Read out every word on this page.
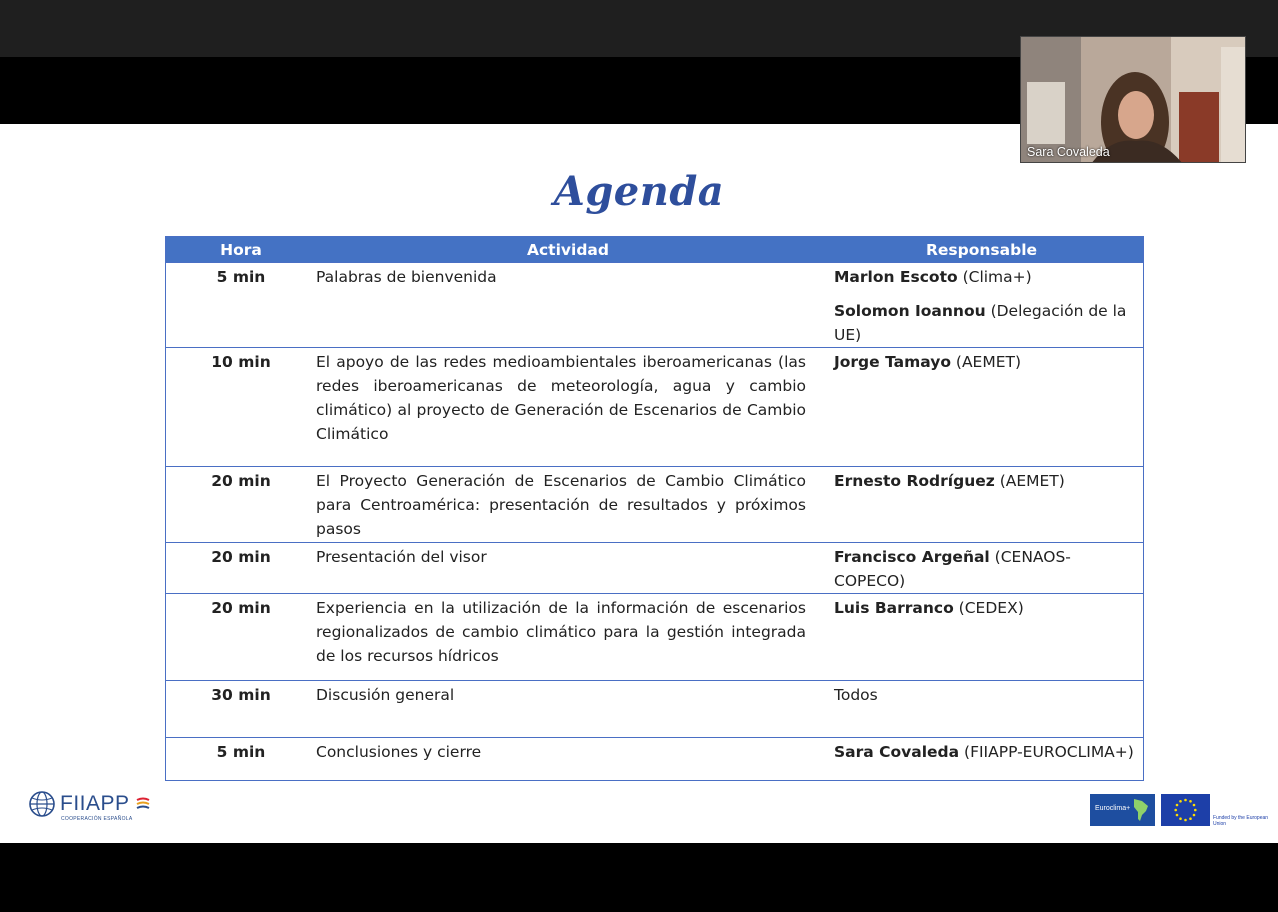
Agenda
Hora	Actividad	Responsable
5 min	Palabras de bienvenida	Marlon Escoto (Clima+)
Solomon Ioannou (Delegación de la UE)

10 min	El apoyo de las redes medioambientales iberoamericanas (las redes iberoamericanas de meteorología, agua y cambio climático) al proyecto de Generación de Escenarios de Cambio Climático	Jorge Tamayo (AEMET)

20 min	El Proyecto Generación de Escenarios de Cambio Climático para Centroamérica: presentación de resultados y próximos pasos	Ernesto Rodríguez (AEMET)

20 min	Presentación del visor	Francisco Argeñal (CENAOS-COPECO)

20 min	Experiencia en la utilización de la información de escenarios regionalizados de cambio climático para la gestión integrada de los recursos hídricos	Luis Barranco (CEDEX)

30 min	Discusión general	Todos

5 min	Conclusiones y cierre	Sara Covaleda (FIIAPP-EUROCLIMA+)
FIIAPP
COOPERACIÓN ESPAÑOLA
Euroclima+
Funded by the European Union
Sara Covaleda
